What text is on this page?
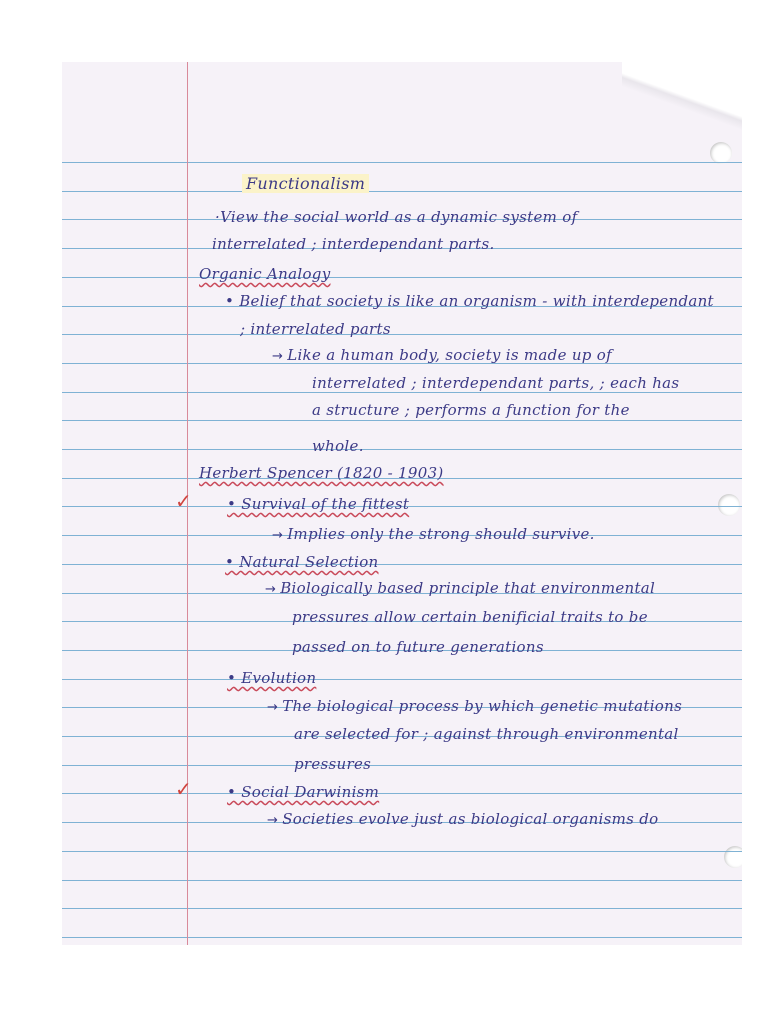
Functionalism
Organic Analogy
Herbert Spencer (1820 - 1903)
• Survival of the fittest
✓
• Natural Selection
• Evolution
• Social Darwinism
✓
·View the social world as a dynamic system of
interrelated ; interdependant parts.
• Belief that society is like an organism - with interdependant
; interrelated parts
→ Like a human body, society is made up of
interrelated ; interdependant parts, ; each has
a structure ; performs a function for the
whole.
→ Implies only the strong should survive.
→ Biologically based principle that environmental
pressures allow certain benificial traits to be
passed on to future generations
→ The biological process by which genetic mutations
are selected for ; against through environmental
pressures
→ Societies evolve just as biological organisms do
